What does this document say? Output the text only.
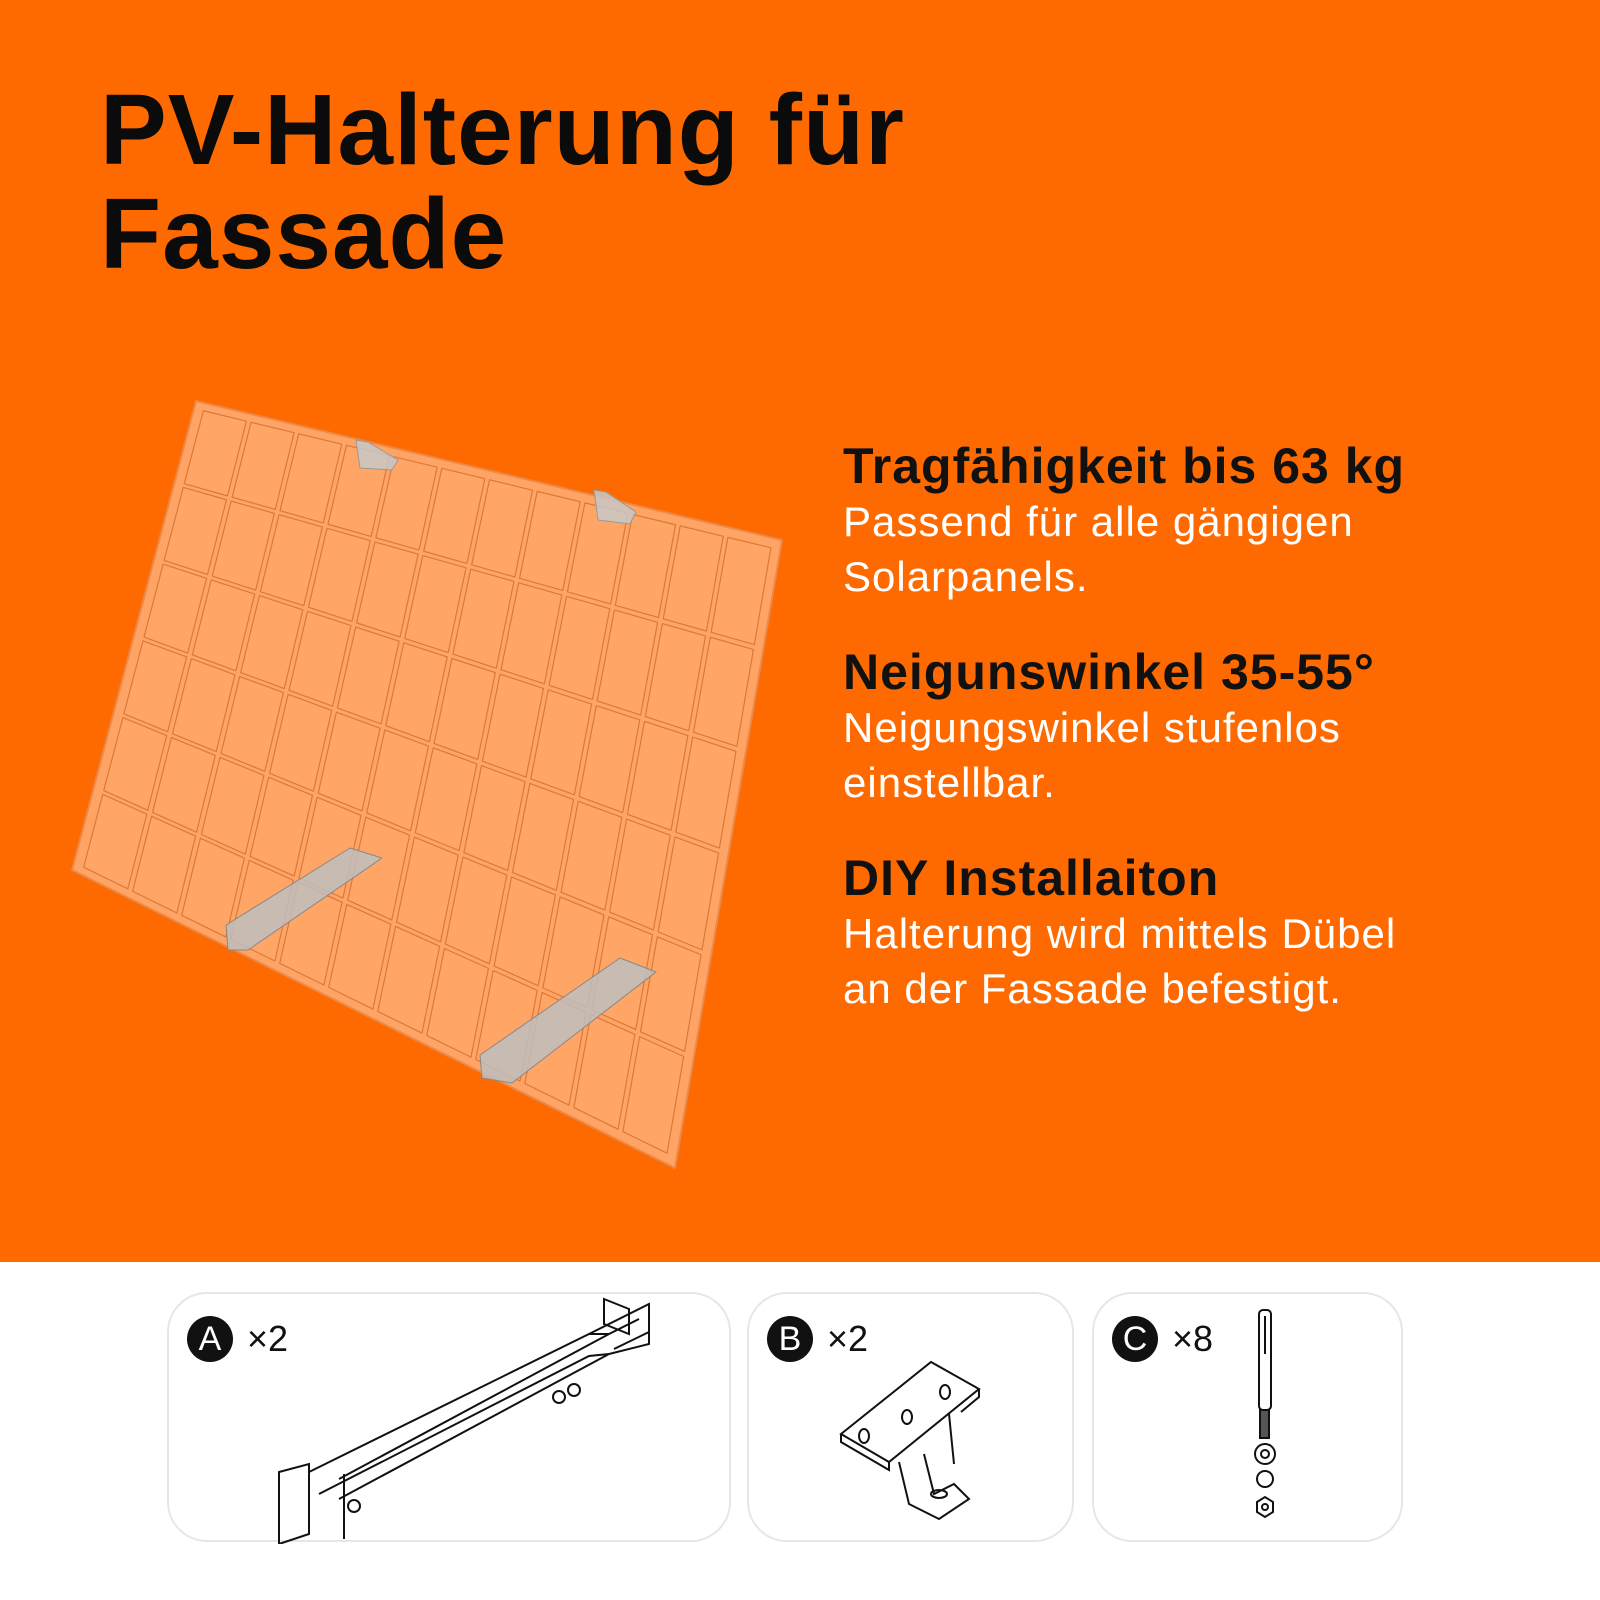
PV-Halterung für
Fassade
Tragfähigkeit bis 63 kg

Passend für alle gängigen
Solarpanels.

Neigunswinkel 35-55°

Neigungswinkel stufenlos
einstellbar.

DIY Installaiton

Halterung wird mittels Dübel
an der Fassade befestigt.

A ×2	B ×2	C ×8
